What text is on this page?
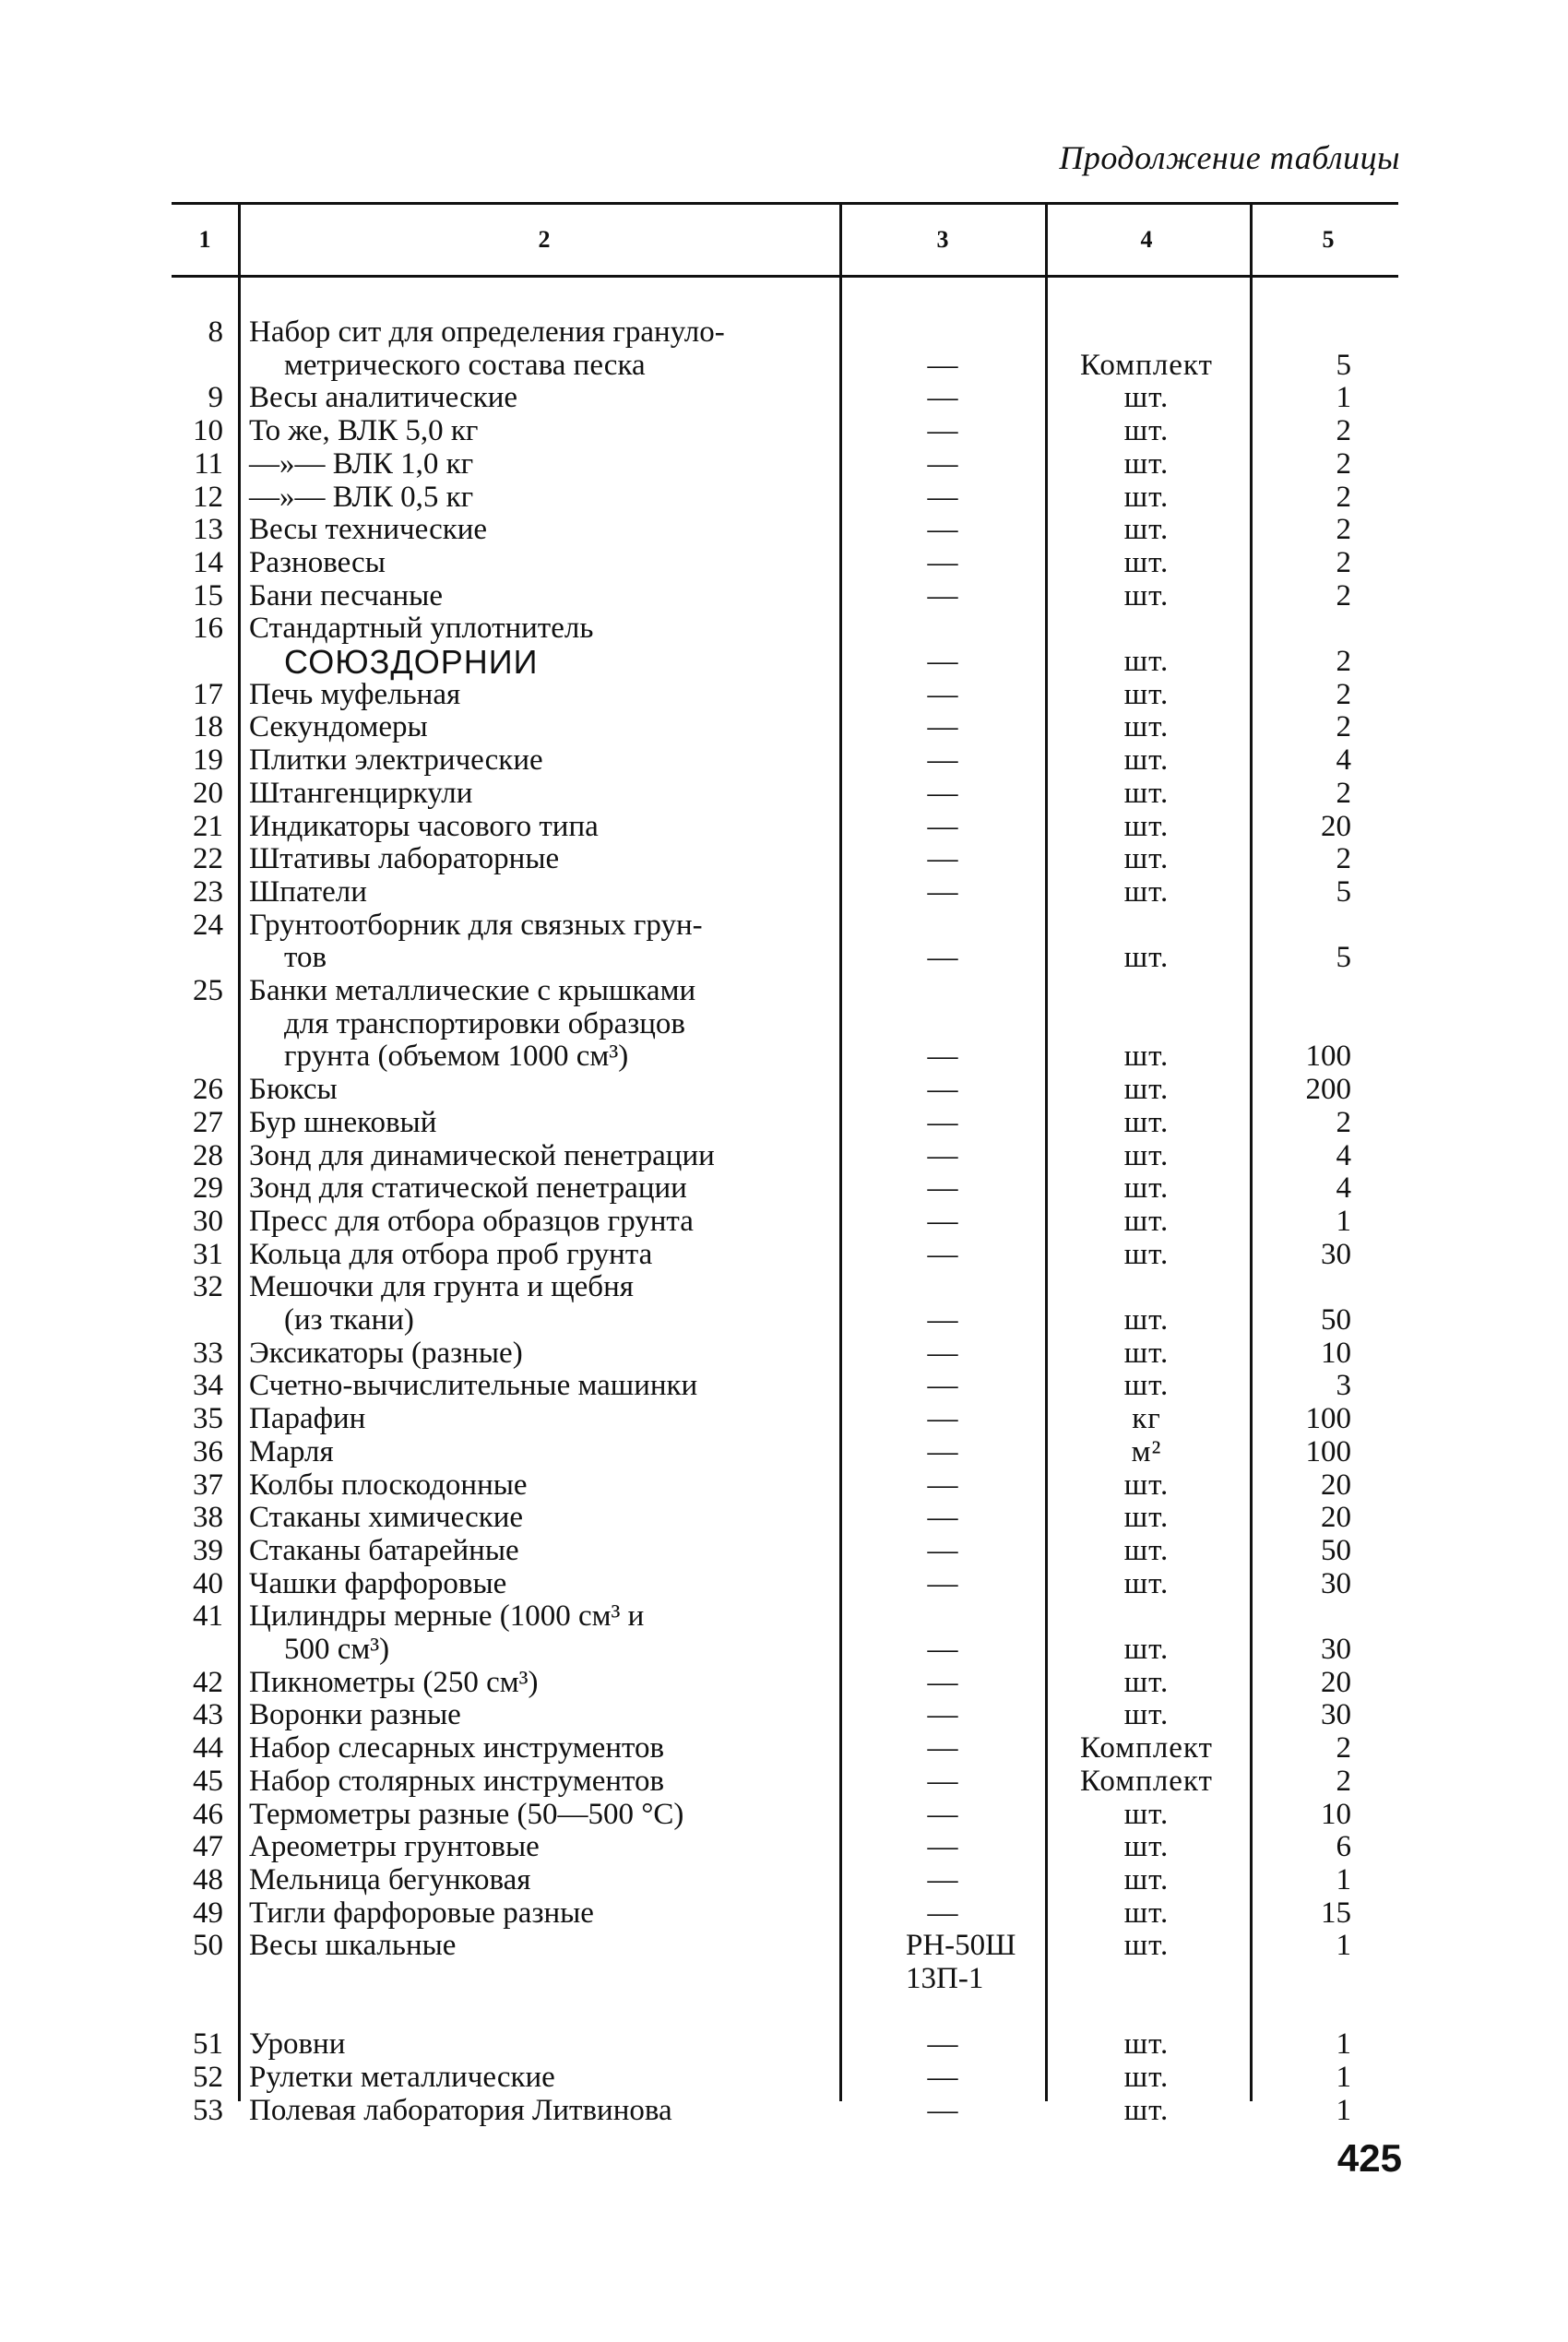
Продолжение таблицы
1	2	3	4	5
8 Набор сит для определения грануло-
метрического состава песка	—	Комплект	5
9 Весы аналитические	—	шт.	1
10 То же, ВЛК 5,0 кг	—	шт.	2
11 —»— ВЛК 1,0 кг	—	шт.	2
12 —»— ВЛК 0,5 кг	—	шт.	2
13 Весы технические	—	шт.	2
14 Разновесы	—	шт.	2
15 Бани песчаные	—	шт.	2
16 Стандартный уплотнитель
СОЮЗДОРНИИ	—	шт.	2
17 Печь муфельная	—	шт.	2
18 Секундомеры	—	шт.	2
19 Плитки электрические	—	шт.	4
20 Штангенциркули	—	шт.	2
21 Индикаторы часового типа	—	шт.	20
22 Штативы лабораторные	—	шт.	2
23 Шпатели	—	шт.	5
24 Грунтоотборник для связных грун-
тов	—	шт.	5
25 Банки металлические с крышками
для транспортировки образцов
грунта (объемом 1000 см³)	—	шт.	100
26 Бюксы	—	шт.	200
27 Бур шнековый	—	шт.	2
28 Зонд для динамической пенетрации	—	шт.	4
29 Зонд для статической пенетрации	—	шт.	4
30 Пресс для отбора образцов грунта	—	шт.	1
31 Кольца для отбора проб грунта	—	шт.	30
32 Мешочки для грунта и щебня
(из ткани)	—	шт.	50
33 Эксикаторы (разные)	—	шт.	10
34 Счетно-вычислительные машинки	—	шт.	3
35 Парафин	—	кг	100
36 Марля	—	м²	100
37 Колбы плоскодонные	—	шт.	20
38 Стаканы химические	—	шт.	20
39 Стаканы батарейные	—	шт.	50
40 Чашки фарфоровые	—	шт.	30
41 Цилиндры мерные (1000 см³ и
500 см³)	—	шт.	30
42 Пикнометры (250 см³)	—	шт.	20
43 Воронки разные	—	шт.	30
44 Набор слесарных инструментов	—	Комплект	2
45 Набор столярных инструментов	—	Комплект	2
46 Термометры разные (50—500 °С)	—	шт.	10
47 Ареометры грунтовые	—	шт.	6
48 Мельница бегунковая	—	шт.	1
49 Тигли фарфоровые разные	—	шт.	15
50 Весы шкальные	РН-50Ш	шт.	1
13П-1
51 Уровни	—	шт.	1
52 Рулетки металлические	—	шт.	1
53 Полевая лаборатория Литвинова	—	шт.	1
425
